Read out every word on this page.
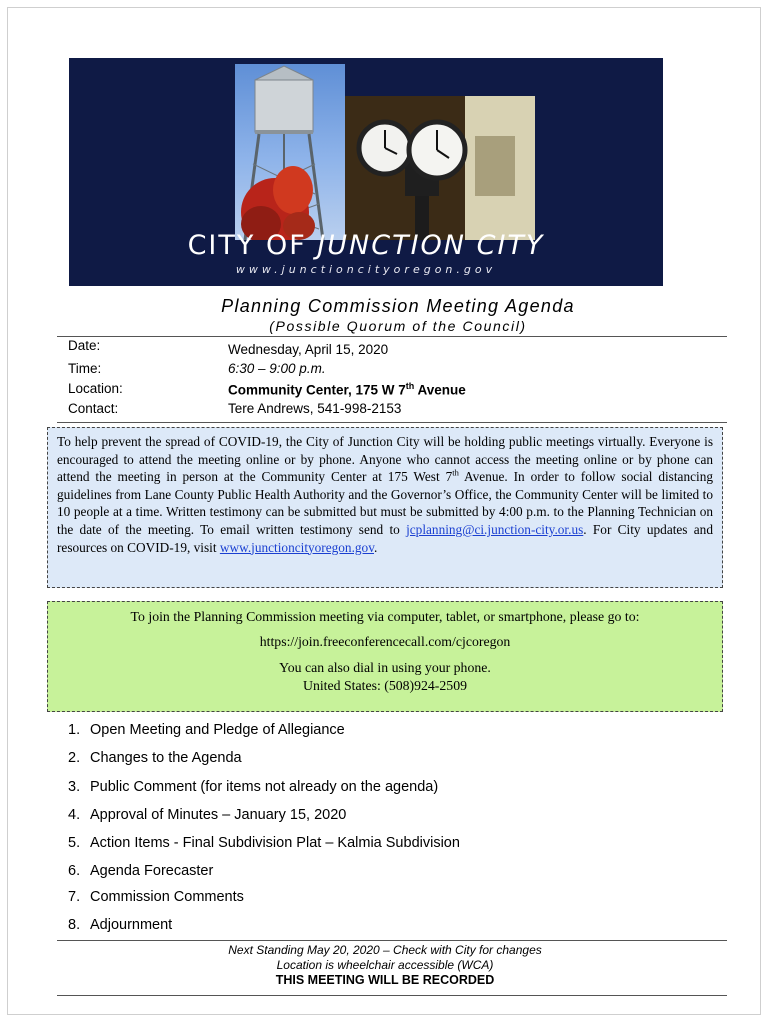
CITY OF JUNCTION CITY
www.junctioncityoregon.gov
Planning Commission Meeting Agenda
(Possible Quorum of the Council)
Date:	Wednesday, April 15, 2020
Time:	6:30 – 9:00 p.m.
Location:	Community Center, 175 W 7th Avenue
Contact:	Tere Andrews, 541-998-2153
To help prevent the spread of COVID-19, the City of Junction City will be holding public meetings virtually. Everyone is encouraged to attend the meeting online or by phone. Anyone who cannot access the meeting online or by phone can attend the meeting in person at the Community Center at 175 West 7th Avenue. In order to follow social distancing guidelines from Lane County Public Health Authority and the Governor’s Office, the Community Center will be limited to 10 people at a time. Written testimony can be submitted but must be submitted by 4:00 p.m. to the Planning Technician on the date of the meeting. To email written testimony send to jcplanning@ci.junction-city.or.us. For City updates and resources on COVID-19, visit www.junctioncityoregon.gov.
To join the Planning Commission meeting via computer, tablet, or smartphone, please go to:
https://join.freeconferencecall.com/cjcoregon
You can also dial in using your phone.
United States: (508)924-2509
1. Open Meeting and Pledge of Allegiance
2. Changes to the Agenda
3. Public Comment (for items not already on the agenda)
4. Approval of Minutes – January 15, 2020
5. Action Items - Final Subdivision Plat – Kalmia Subdivision
6. Agenda Forecaster
7. Commission Comments
8. Adjournment
Next Standing May 20, 2020 – Check with City for changes
Location is wheelchair accessible (WCA)
THIS MEETING WILL BE RECORDED
